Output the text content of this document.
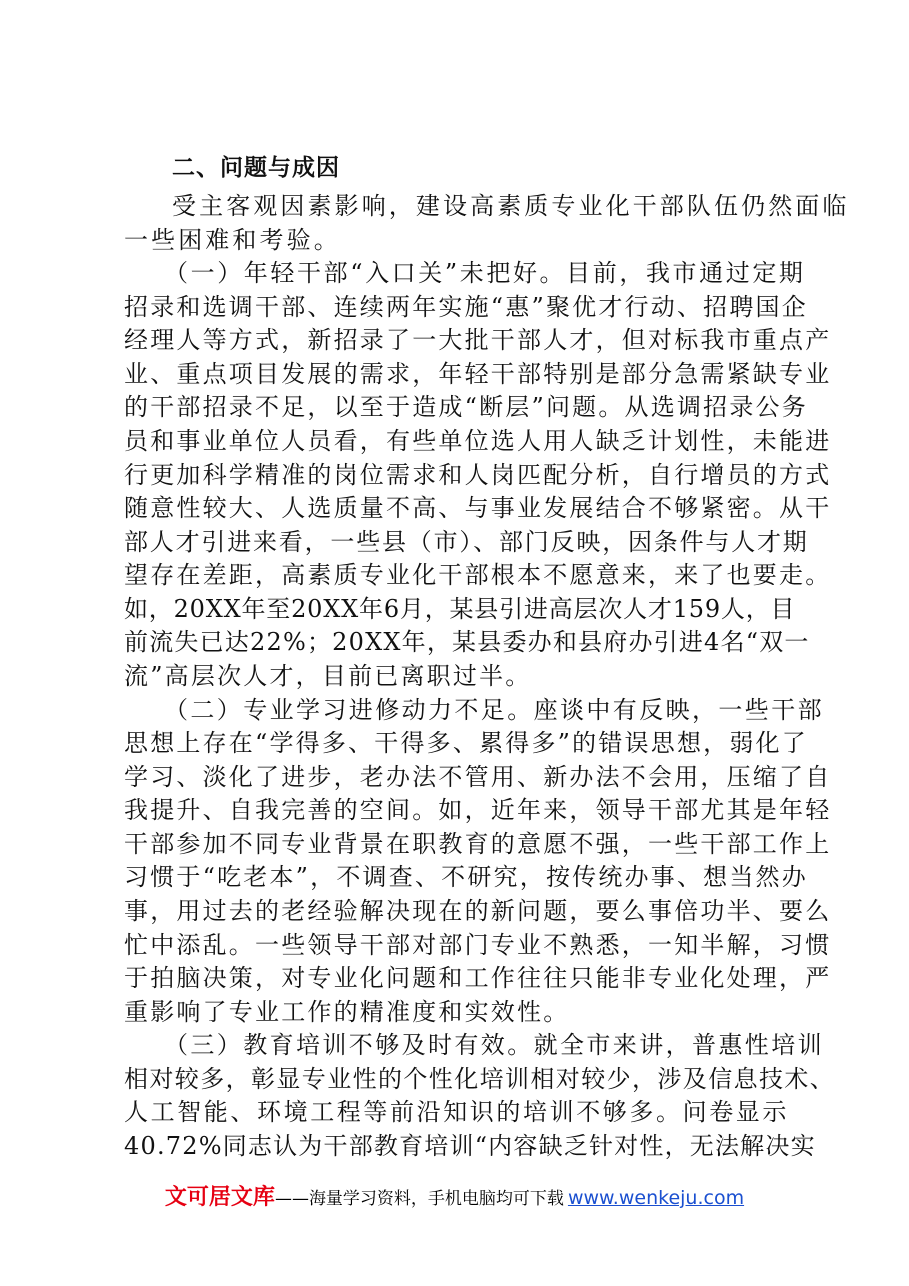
二、问题与成因
受主客观因素影响，建设高素质专业化干部队伍仍然面临
一些困难和考验。
（一）年轻干部“入口关”未把好。目前，我市通过定期
招录和选调干部、连续两年实施“惠”聚优才行动、招聘国企
经理人等方式，新招录了一大批干部人才，但对标我市重点产
业、重点项目发展的需求，年轻干部特别是部分急需紧缺专业
的干部招录不足，以至于造成“断层”问题。从选调招录公务
员和事业单位人员看，有些单位选人用人缺乏计划性，未能进
行更加科学精准的岗位需求和人岗匹配分析，自行增员的方式
随意性较大、人选质量不高、与事业发展结合不够紧密。从干
部人才引进来看，一些县（市）、部门反映，因条件与人才期
望存在差距，高素质专业化干部根本不愿意来，来了也要走。
如，20XX年至20XX年6月，某县引进高层次人才159人，目
前流失已达22%；20XX年，某县委办和县府办引进4名“双一
流”高层次人才，目前已离职过半。
（二）专业学习进修动力不足。座谈中有反映，一些干部
思想上存在“学得多、干得多、累得多”的错误思想，弱化了
学习、淡化了进步，老办法不管用、新办法不会用，压缩了自
我提升、自我完善的空间。如，近年来，领导干部尤其是年轻
干部参加不同专业背景在职教育的意愿不强，一些干部工作上
习惯于“吃老本”，不调查、不研究，按传统办事、想当然办
事，用过去的老经验解决现在的新问题，要么事倍功半、要么
忙中添乱。一些领导干部对部门专业不熟悉，一知半解，习惯
于拍脑决策，对专业化问题和工作往往只能非专业化处理，严
重影响了专业工作的精准度和实效性。
（三）教育培训不够及时有效。就全市来讲，普惠性培训
相对较多，彰显专业性的个性化培训相对较少，涉及信息技术、
人工智能、环境工程等前沿知识的培训不够多。问卷显示
40.72%同志认为干部教育培训“内容缺乏针对性，无法解决实
文可居文库——海量学习资料，手机电脑均可下载 www.wenkeju.com
